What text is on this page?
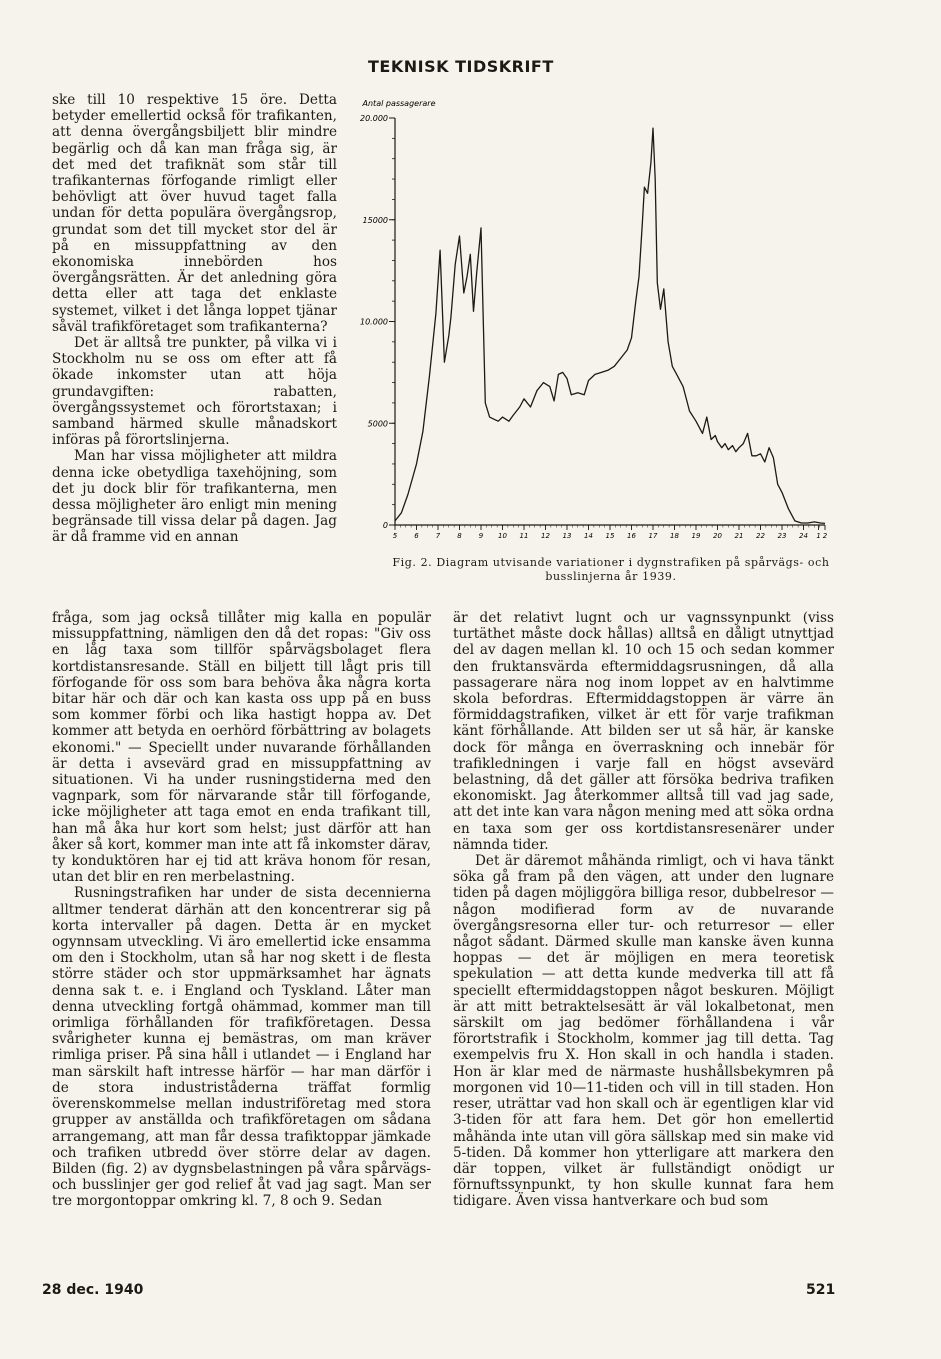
TEKNISK TIDSKRIFT

ske till 10 respektive 15 öre. Detta betyder emellertid också för trafikanten, att denna övergångsbiljett blir mindre begärlig och då kan man fråga sig, är det med det trafiknät som står till trafikanternas förfogande rimligt eller behövligt att över huvud taget falla undan för detta populära övergångsrop, grundat som det till mycket stor del är på en missuppfattning av den ekonomiska innebörden hos övergångsrätten. Är det anledning göra detta eller att taga det enklaste systemet, vilket i det långa loppet tjänar såväl trafikföretaget som trafikanterna?

Det är alltså tre punkter, på vilka vi i Stockholm nu se oss om efter att få ökade inkomster utan att höja grundavgiften: rabatten, övergångssystemet och förortstaxan; i samband härmed skulle månadskort införas på förortslinjerna.

Man har vissa möjligheter att mildra denna icke obetydliga taxehöjning, som det ju dock blir för trafikanterna, men dessa möjligheter äro enligt min mening begränsade till vissa delar på dagen. Jag är då framme vid en annan

Antal passagerare
0
5000
10.000
15000
20.000
5 6 7 8 9 10 11 12 13 14 15 16 17 18 19 20 21 22 23 24 1 2
Fig. 2. Diagram utvisande variationer i dygnstrafiken på spårvägs- och busslinjerna år 1939.

fråga, som jag också tillåter mig kalla en populär missuppfattning, nämligen den då det ropas: "Giv oss en låg taxa som tillför spårvägsbolaget flera kortdistansresande. Ställ en biljett till lågt pris till förfogande för oss som bara behöva åka några korta bitar här och där och kan kasta oss upp på en buss som kommer förbi och lika hastigt hoppa av. Det kommer att betyda en oerhörd förbättring av bolagets ekonomi." — Speciellt under nuvarande förhållanden är detta i avsevärd grad en missuppfattning av situationen. Vi ha under rusningstiderna med den vagnpark, som för närvarande står till förfogande, icke möjligheter att taga emot en enda trafikant till, han må åka hur kort som helst; just därför att han åker så kort, kommer man inte att få inkomster därav, ty konduktören har ej tid att kräva honom för resan, utan det blir en ren merbelastning.

Rusningstrafiken har under de sista decennierna alltmer tenderat därhän att den koncentrerar sig på korta intervaller på dagen. Detta är en mycket ogynnsam utveckling. Vi äro emellertid icke ensamma om den i Stockholm, utan så har nog skett i de flesta större städer och stor uppmärksamhet har ägnats denna sak t. e. i England och Tyskland. Låter man denna utveckling fortgå ohämmad, kommer man till orimliga förhållanden för trafikföretagen. Dessa svårigheter kunna ej bemästras, om man kräver rimliga priser. På sina håll i utlandet — i England har man särskilt haft intresse härför — har man därför i de stora industriståderna träffat formlig överenskommelse mellan industriföretag med stora grupper av anställda och trafikföretagen om sådana arrangemang, att man får dessa trafiktoppar jämkade och trafiken utbredd över större delar av dagen. Bilden (fig. 2) av dygnsbelastningen på våra spårvägs- och busslinjer ger god relief åt vad jag sagt. Man ser tre morgontoppar omkring kl. 7, 8 och 9. Sedan

är det relativt lugnt och ur vagnssynpunkt (viss turtäthet måste dock hållas) alltså en dåligt utnyttjad del av dagen mellan kl. 10 och 15 och sedan kommer den fruktansvärda eftermiddagsrusningen, då alla passagerare nära nog inom loppet av en halvtimme skola befordras. Eftermiddagstoppen är värre än förmiddagstrafiken, vilket är ett för varje trafikman känt förhållande. Att bilden ser ut så här, är kanske dock för många en överraskning och innebär för trafikledningen i varje fall en högst avsevärd belastning, då det gäller att försöka bedriva trafiken ekonomiskt. Jag återkommer alltså till vad jag sade, att det inte kan vara någon mening med att söka ordna en taxa som ger oss kortdistansresenärer under nämnda tider.

Det är däremot måhända rimligt, och vi hava tänkt söka gå fram på den vägen, att under den lugnare tiden på dagen möjliggöra billiga resor, dubbelresor — någon modifierad form av de nuvarande övergångsresorna eller tur- och returresor — eller något sådant. Därmed skulle man kanske även kunna hoppas — det är möjligen en mera teoretisk spekulation — att detta kunde medverka till att få speciellt eftermiddagstoppen något beskuren. Möjligt är att mitt betraktelsesätt är väl lokalbetonat, men särskilt om jag bedömer förhållandena i vår förortstrafik i Stockholm, kommer jag till detta. Tag exempelvis fru X. Hon skall in och handla i staden. Hon är klar med de närmaste hushållsbekymren på morgonen vid 10—11-tiden och vill in till staden. Hon reser, uträttar vad hon skall och är egentligen klar vid 3-tiden för att fara hem. Det gör hon emellertid måhända inte utan vill göra sällskap med sin make vid 5-tiden. Då kommer hon ytterligare att markera den där toppen, vilket är fullständigt onödigt ur förnuftssynpunkt, ty hon skulle kunnat fara hem tidigare. Även vissa hantverkare och bud som

28 dec. 1940	521
